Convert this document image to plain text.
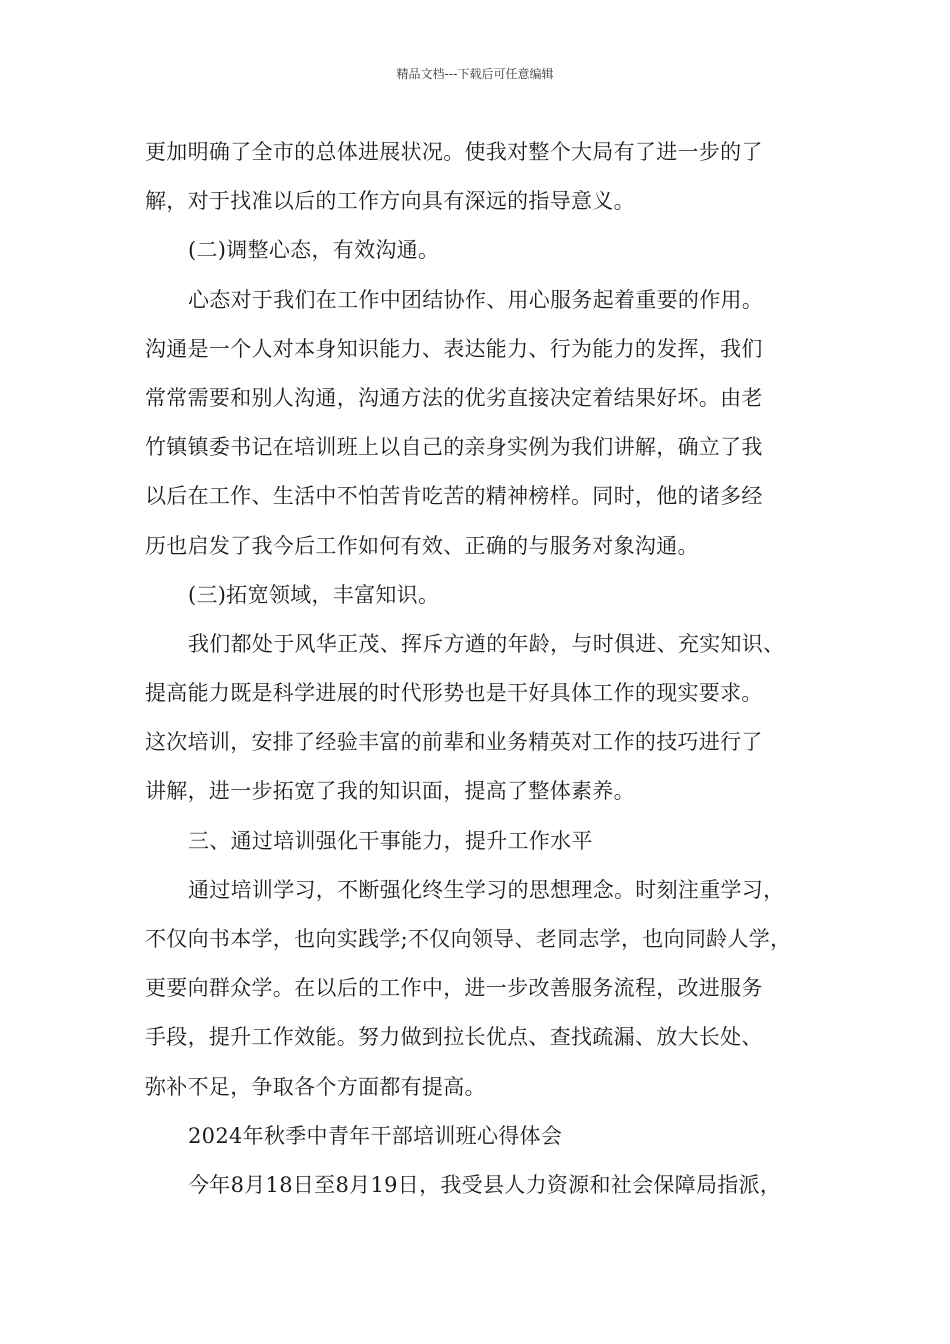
精品文档---下载后可任意编辑
更加明确了全市的总体进展状况。使我对整个大局有了进一步的了
解，对于找准以后的工作方向具有深远的指导意义。
(二)调整心态，有效沟通。
心态对于我们在工作中团结协作、用心服务起着重要的作用。
沟通是一个人对本身知识能力、表达能力、行为能力的发挥，我们
常常需要和别人沟通，沟通方法的优劣直接决定着结果好坏。由老
竹镇镇委书记在培训班上以自己的亲身实例为我们讲解，确立了我
以后在工作、生活中不怕苦肯吃苦的精神榜样。同时，他的诸多经
历也启发了我今后工作如何有效、正确的与服务对象沟通。
(三)拓宽领域，丰富知识。
我们都处于风华正茂、挥斥方遒的年龄，与时俱进、充实知识、
提高能力既是科学进展的时代形势也是干好具体工作的现实要求。
这次培训，安排了经验丰富的前辈和业务精英对工作的技巧进行了
讲解，进一步拓宽了我的知识面，提高了整体素养。
三、通过培训强化干事能力，提升工作水平
通过培训学习，不断强化终生学习的思想理念。时刻注重学习，
不仅向书本学，也向实践学;不仅向领导、老同志学，也向同龄人学，
更要向群众学。在以后的工作中，进一步改善服务流程，改进服务
手段，提升工作效能。努力做到拉长优点、查找疏漏、放大长处、
弥补不足，争取各个方面都有提高。
2024年秋季中青年干部培训班心得体会
今年8月18日至8月19日，我受县人力资源和社会保障局指派，
